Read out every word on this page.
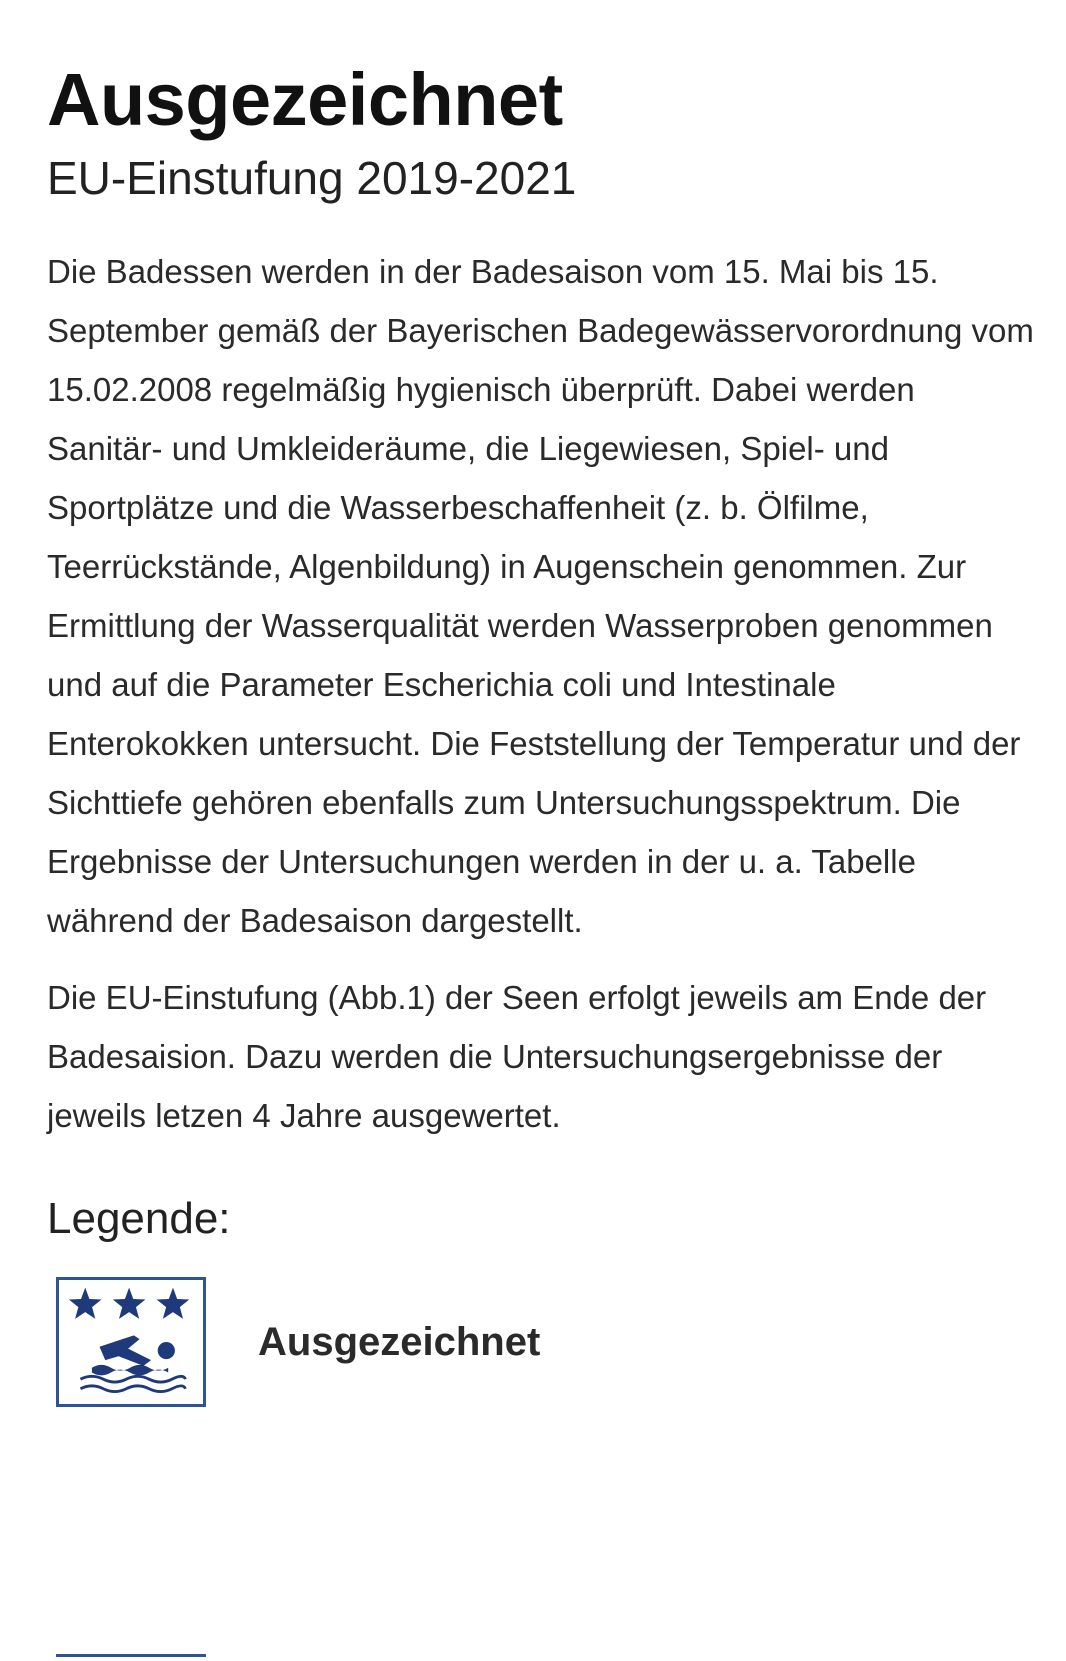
Ausgezeichnet
EU-Einstufung 2019-2021

Die Badessen werden in der Badesaison vom 15. Mai bis 15. September gemäß der Bayerischen Badegewässervorordnung vom 15.02.2008 regelmäßig hygienisch überprüft. Dabei werden Sanitär- und Umkleideräume, die Liegewiesen, Spiel- und Sportplätze und die Wasserbeschaffenheit (z. b. Ölfilme, Teerrückstände, Algenbildung) in Augenschein genommen. Zur Ermittlung der Wasserqualität werden Wasserproben genommen und auf die Parameter Escherichia coli und Intestinale Enterokokken untersucht. Die Feststellung der Temperatur und der Sichttiefe gehören ebenfalls zum Untersuchungsspektrum. Die Ergebnisse der Untersuchungen werden in der u. a. Tabelle während der Badesaison dargestellt.

Die EU-Einstufung (Abb.1) der Seen erfolgt jeweils am Ende der Badesaision. Dazu werden die Untersuchungsergebnisse der jeweils letzen 4 Jahre ausgewertet.

Legende:
Ausgezeichnet
